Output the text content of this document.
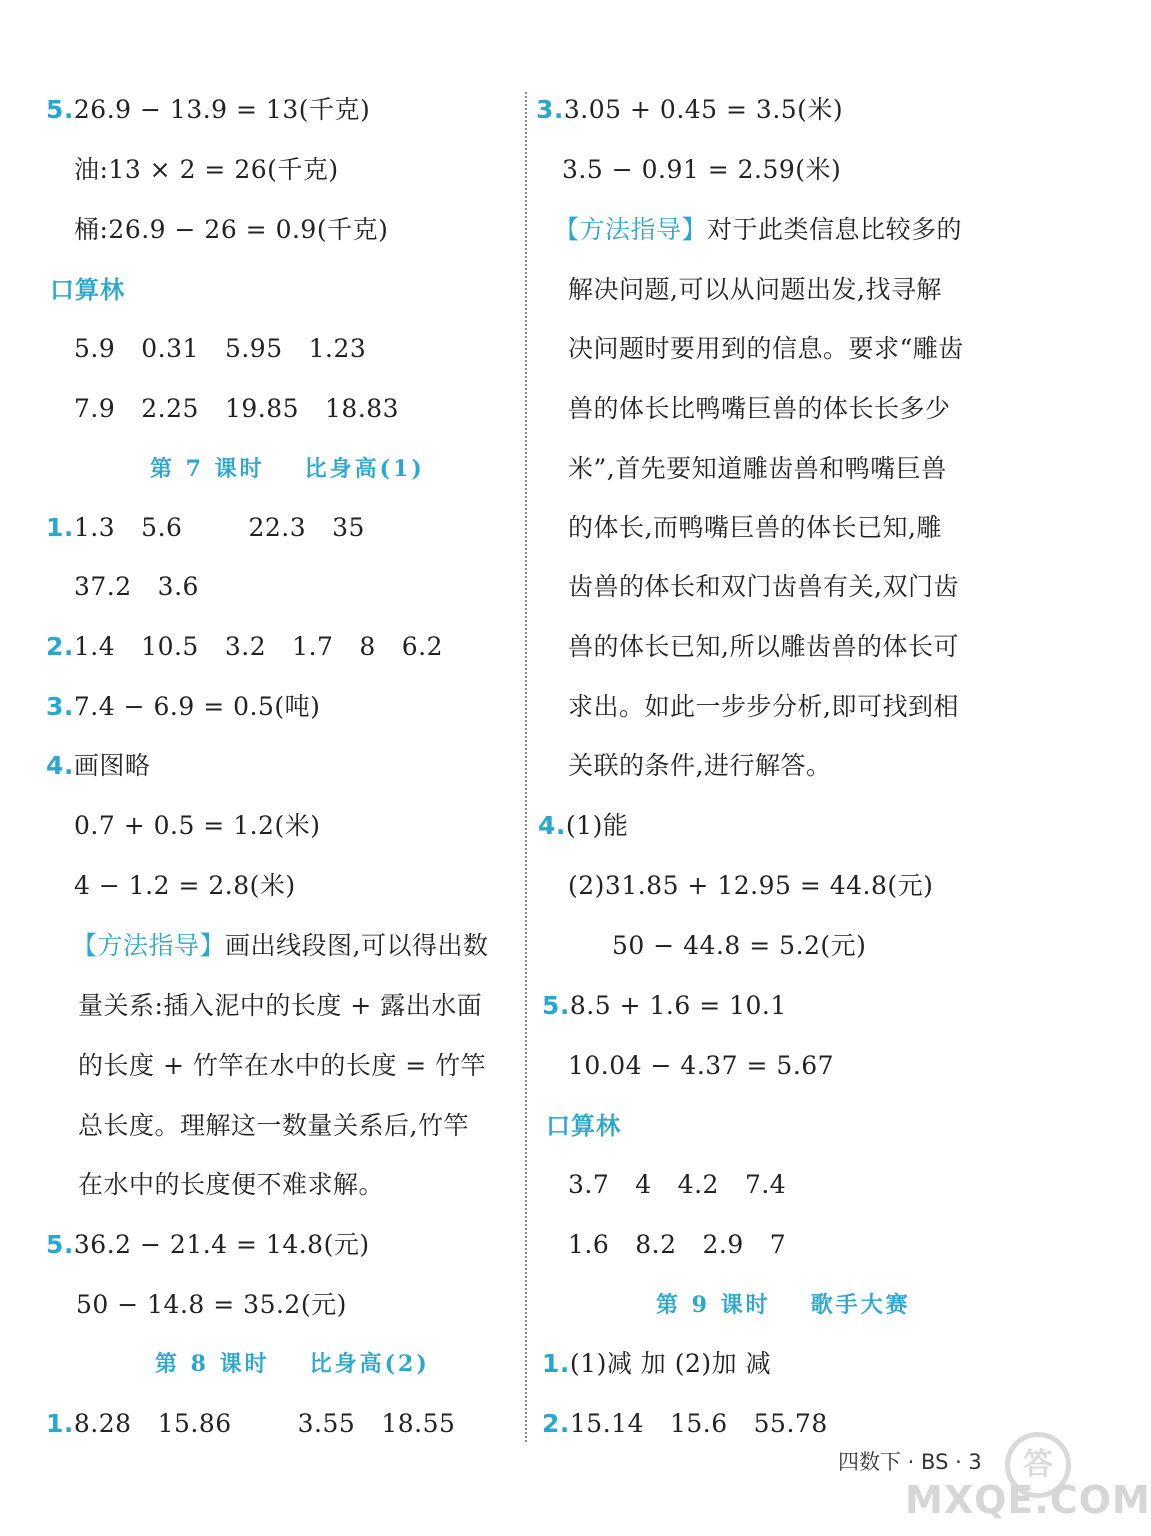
5.26.9 − 13.9 = 13(千克)
油:13 × 2 = 26(千克)
桶:26.9 − 26 = 0.9(千克)
口算林
5.9 0.31 5.95 1.23
7.9 2.25 19.85 18.83
第 7 课时 比身高(1)
1.1.3 5.6	22.3 35
37.2 3.6
2.1.4 10.5 3.2 1.7 8 6.2
3.7.4 − 6.9 = 0.5(吨)
4.画图略
0.7 + 0.5 = 1.2(米)
4 − 1.2 = 2.8(米)
【方法指导】画出线段图,可以得出数
量关系:插入泥中的长度 + 露出水面
的长度 + 竹竿在水中的长度 = 竹竿
总长度。理解这一数量关系后,竹竿
在水中的长度便不难求解。
5.36.2 − 21.4 = 14.8(元)
50 − 14.8 = 35.2(元)
第 8 课时 比身高(2)
1.8.28 15.86	3.55 18.55
3.3.05 + 0.45 = 3.5(米)
3.5 − 0.91 = 2.59(米)
【方法指导】对于此类信息比较多的
解决问题,可以从问题出发,找寻解
决问题时要用到的信息。要求“雕齿
兽的体长比鸭嘴巨兽的体长长多少
米”,首先要知道雕齿兽和鸭嘴巨兽
的体长,而鸭嘴巨兽的体长已知,雕
齿兽的体长和双门齿兽有关,双门齿
兽的体长已知,所以雕齿兽的体长可
求出。如此一步步分析,即可找到相
关联的条件,进行解答。
4.(1)能
(2)31.85 + 12.95 = 44.8(元)
50 − 44.8 = 5.2(元)
5.8.5 + 1.6 = 10.1
10.04 − 4.37 = 5.67
口算林
3.7 4 4.2 7.4
1.6 8.2 2.9 7
第 9 课时 歌手大赛
1.(1)减 加 (2)加 减
2.15.14 15.6 55.78
四数下 · BS · 3	答
MXQE.COM
